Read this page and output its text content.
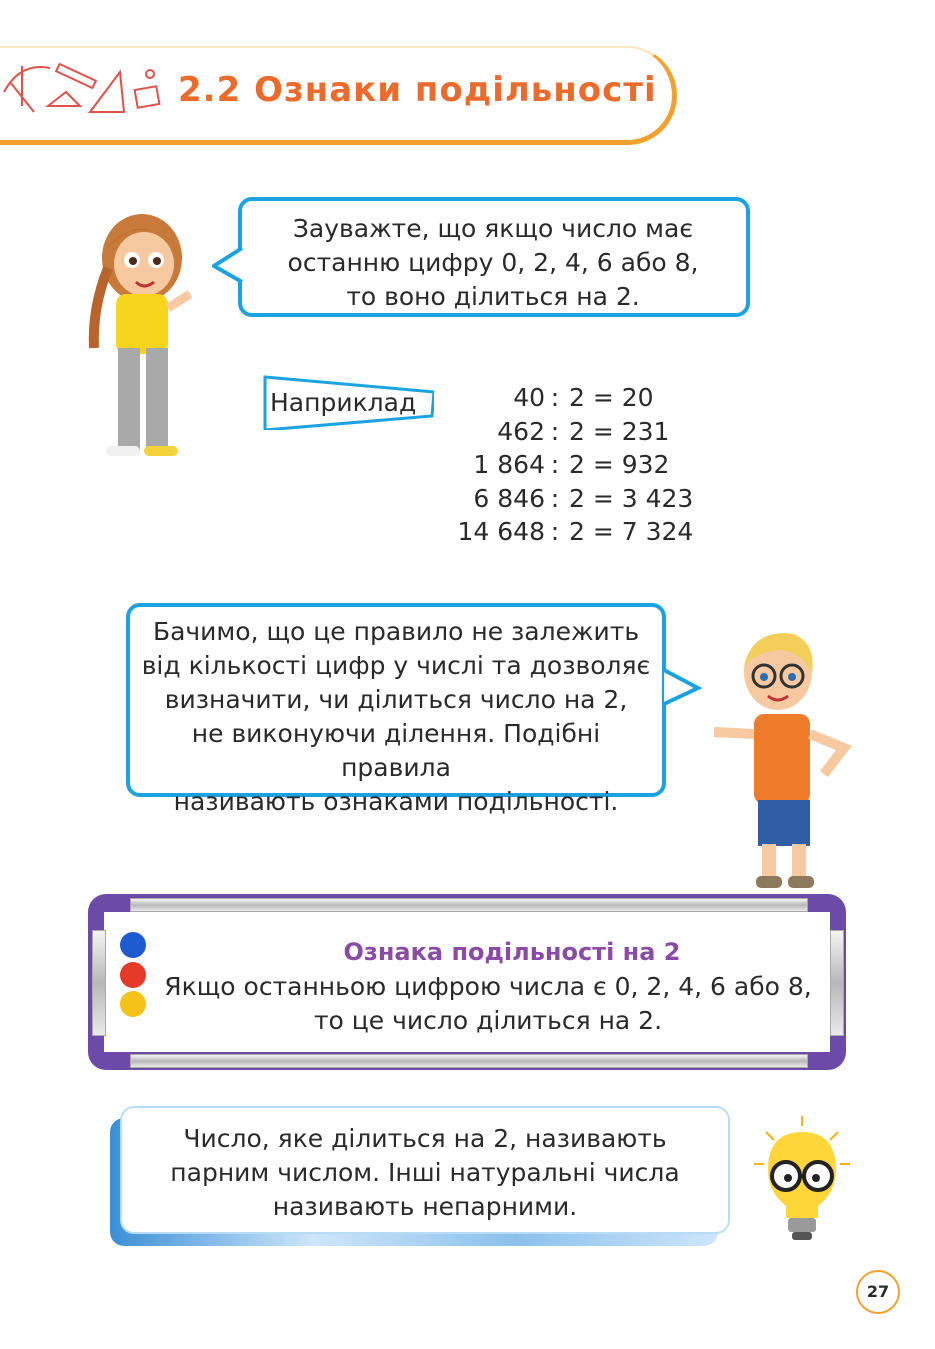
2.2 Ознаки подільності
Зауважте, що якщо число має
останню цифру 0, 2, 4, 6 або 8,
то воно ділиться на 2.
Наприклад	40 : 2 = 20
462 : 2 = 231
1 864 : 2 = 932
6 846 : 2 = 3 423
14 648 : 2 = 7 324
Бачимо, що це правило не залежить
від кількості цифр у числі та дозволяє
визначити, чи ділиться число на 2,
не виконуючи ділення. Подібні правила
називають ознаками подільності.
Ознака подільності на 2
Якщо останньою цифрою числа є 0, 2, 4, 6 або 8,
то це число ділиться на 2.
Число, яке ділиться на 2, називають
парним числом. Інші натуральні числа
називають непарними.
27
